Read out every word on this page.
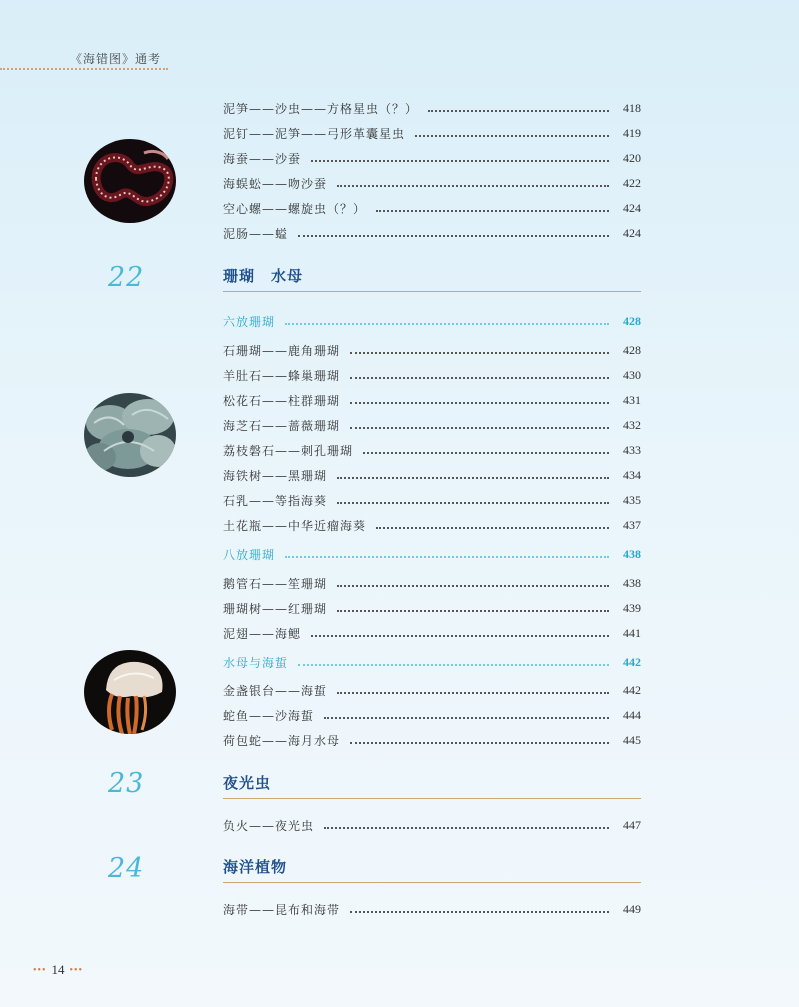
《海错图》通考
泥笋——沙虫——方格星虫（？）	418
泥钉——泥笋——弓形革囊星虫	419
海蚕——沙蚕	420
海蜈蚣——吻沙蚕	422
空心螺——螺旋虫（？）	424
泥肠——螠	424
22	珊瑚　水母
六放珊瑚	428
石珊瑚——鹿角珊瑚	428
羊肚石——蜂巢珊瑚	430
松花石——柱群珊瑚	431
海芝石——蔷薇珊瑚	432
荔枝磐石——刺孔珊瑚	433
海铁树——黑珊瑚	434
石乳——等指海葵	435
土花瓶——中华近瘤海葵	437
八放珊瑚	438
鹅管石——笙珊瑚	438
珊瑚树——红珊瑚	439
泥翅——海鳃	441
水母与海蜇	442
金盏银台——海蜇	442
蛇鱼——沙海蜇	444
荷包蛇——海月水母	445
23	夜光虫
负火——夜光虫	447
24	海洋植物
海带——昆布和海带	449
••• 14 •••
